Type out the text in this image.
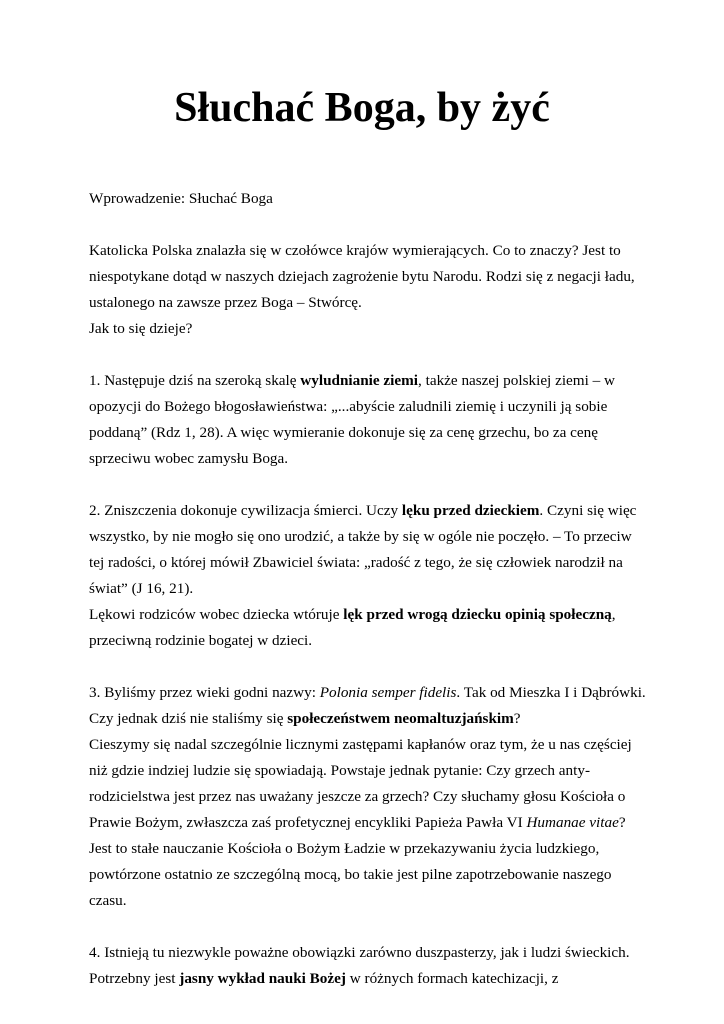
Słuchać Boga, by żyć

Wprowadzenie: Słuchać Boga

Katolicka Polska znalazła się w czołówce krajów wymierających. Co to znaczy? Jest to niespotykane dotąd w naszych dziejach zagrożenie bytu Narodu. Rodzi się z negacji ładu, ustalonego na zawsze przez Boga – Stwórcę.

Jak to się dzieje?

1. Następuje dziś na szeroką skalę wyludnianie ziemi, także naszej polskiej ziemi – w opozycji do Bożego błogosławieństwa: „...abyście zaludnili ziemię i uczynili ją sobie poddaną” (Rdz 1, 28). A więc wymieranie dokonuje się za cenę grzechu, bo za cenę sprzeciwu wobec zamysłu Boga.

2. Zniszczenia dokonuje cywilizacja śmierci. Uczy lęku przed dzieckiem. Czyni się więc wszystko, by nie mogło się ono urodzić, a także by się w ogóle nie poczęło. – To przeciw tej radości, o której mówił Zbawiciel świata: „radość z tego, że się człowiek narodził na świat” (J 16, 21).

Lękowi rodziców wobec dziecka wtóruje lęk przed wrogą dziecku opinią społeczną, przeciwną rodzinie bogatej w dzieci.

3. Byliśmy przez wieki godni nazwy: Polonia semper fidelis. Tak od Mieszka I i Dąbrówki. Czy jednak dziś nie staliśmy się społeczeństwem neomaltuzjańskim?

Cieszymy się nadal szczególnie licznymi zastępami kapłanów oraz tym, że u nas częściej niż gdzie indziej ludzie się spowiadają. Powstaje jednak pytanie: Czy grzech anty-rodzicielstwa jest przez nas uważany jeszcze za grzech? Czy słuchamy głosu Kościoła o Prawie Bożym, zwłaszcza zaś profetycznej encykliki Papieża Pawła VI Humanae vitae? Jest to stałe nauczanie Kościoła o Bożym Ładzie w przekazywaniu życia ludzkiego, powtórzone ostatnio ze szczególną mocą, bo takie jest pilne zapotrzebowanie naszego czasu.

4. Istnieją tu niezwykle poważne obowiązki zarówno duszpasterzy, jak i ludzi świeckich. Potrzebny jest jasny wykład nauki Bożej w różnych formach katechizacji, z
